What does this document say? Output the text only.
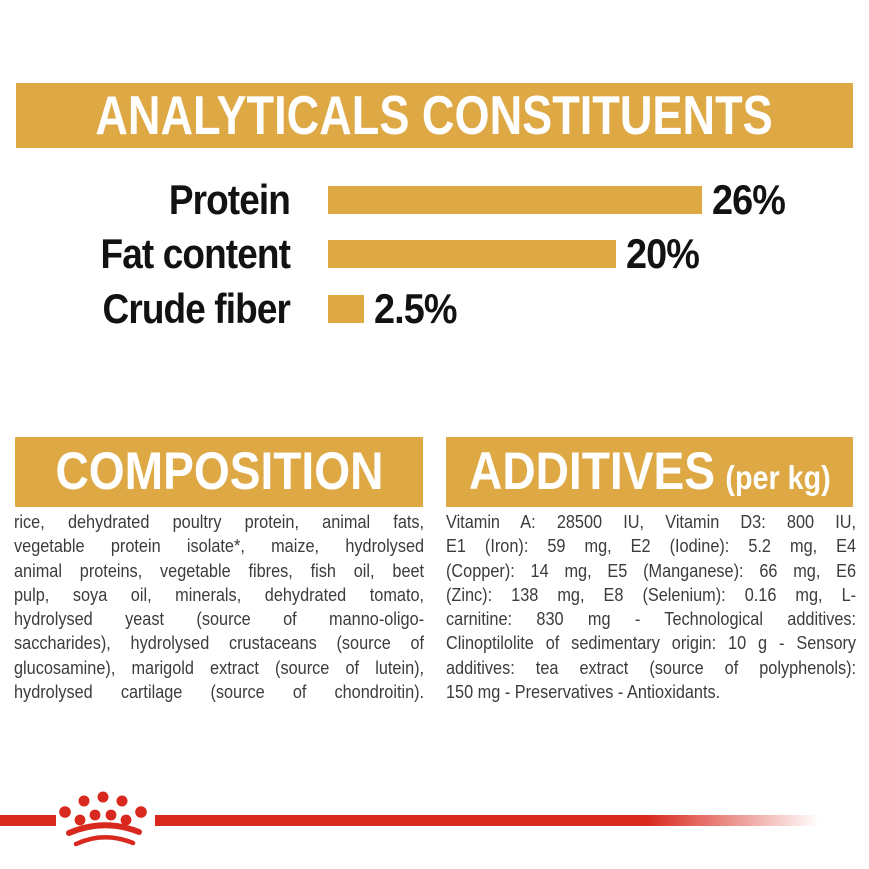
ANALYTICALS CONSTITUENTS
Protein	26%
Fat content	20%
Crude fiber 2.5%
COMPOSITION ADDITIVES (per kg)
rice, dehydrated poultry protein, animal fats,
vegetable protein isolate*, maize, hydrolysed
animal proteins, vegetable fibres, fish oil, beet
pulp, soya oil, minerals, dehydrated tomato,
hydrolysed yeast (source of manno-oligo-
saccharides), hydrolysed crustaceans (source of
glucosamine), marigold extract (source of lutein),
hydrolysed cartilage (source of chondroitin).
Vitamin A: 28500 IU, Vitamin D3: 800 IU,
E1 (Iron): 59 mg, E2 (Iodine): 5.2 mg, E4
(Copper): 14 mg, E5 (Manganese): 66 mg, E6
(Zinc): 138 mg, E8 (Selenium): 0.16 mg, L-
carnitine: 830 mg - Technological additives:
Clinoptilolite of sedimentary origin: 10 g - Sensory
additives: tea extract (source of polyphenols):
150 mg - Preservatives - Antioxidants.
